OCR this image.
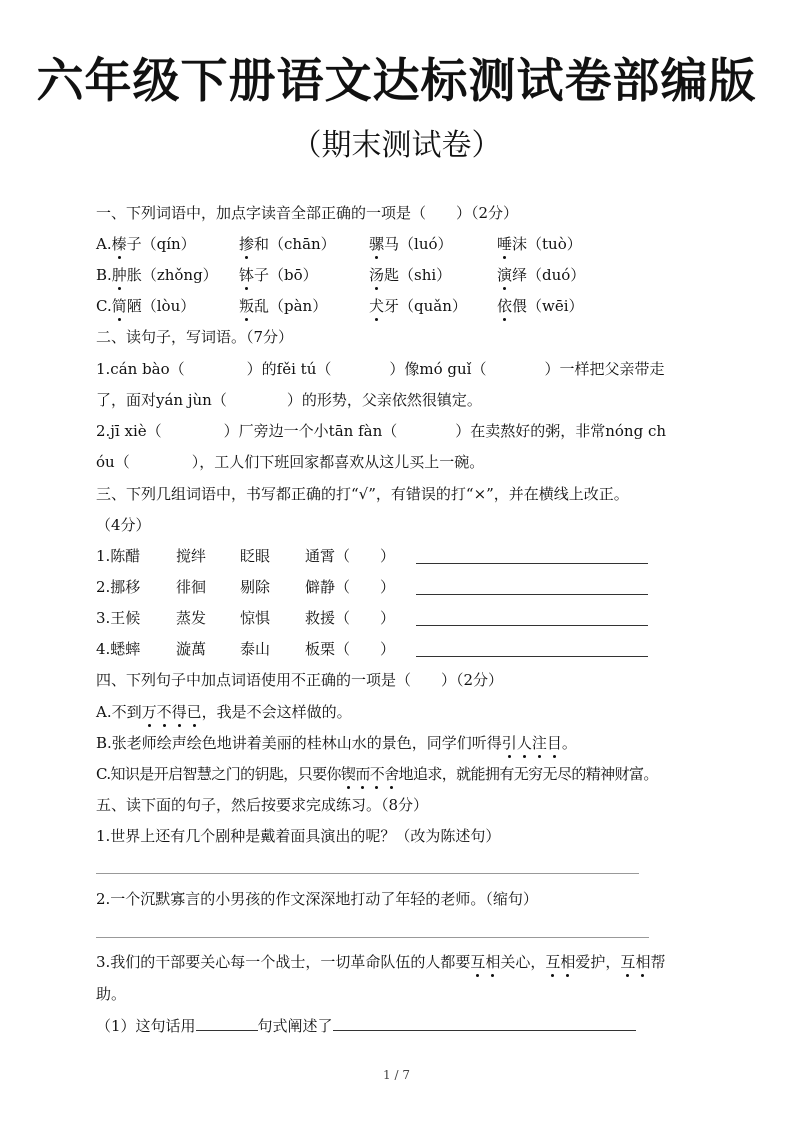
六年级下册语文达标测试卷部编版
（期末测试卷）
一、下列词语中，加点字读音全部正确的一项是（　　）（2分）
A.榛子（qín）	掺和（chān） 骡马（luó）	唾沫（tuò）
B.肿胀（zhǒng） 钵子（bō）	汤匙（shi）	演绎（duó）
C.简陋（lòu）	叛乱（pàn）	犬牙（quǎn） 依偎（wēi）
二、读句子，写词语。（7分）
1.cán bào（	）的fěi tú（	）像mó guǐ（	）一样把父亲带走
了，面对yán jùn（	）的形势，父亲依然很镇定。
2.jī xiè（	）厂旁边一个小tān fàn（	）在卖熬好的粥，非常nóng ch
óu（	），工人们下班回家都喜欢从这儿买上一碗。
三、下列几组词语中，书写都正确的打“√”，有错误的打“×”，并在横线上改正。
（4分）
1.陈醋 搅绊 眨眼 通霄（　　）
2.挪移 徘徊 剔除 僻静（　　）
3.王候 蒸发 惊惧 救援（　　）
4.蟋蟀 漩萬 泰山 板栗（　　）
四、下列句子中加点词语使用不正确的一项是（　　）（2分）
A.不到万不得已，我是不会这样做的。
B.张老师绘声绘色地讲着美丽的桂林山水的景色，同学们听得引人注目。
C.知识是开启智慧之门的钥匙，只要你锲而不舍地追求，就能拥有无穷无尽的精神财富。
五、读下面的句子，然后按要求完成练习。（8分）
1.世界上还有几个剧种是戴着面具演出的呢？（改为陈述句）
2.一个沉默寡言的小男孩的作文深深地打动了年轻的老师。（缩句）
3.我们的干部要关心每一个战士，一切革命队伍的人都要互相关心，互相爱护，互相帮
助。
（1）这句话用	句式阐述了
1 / 7
